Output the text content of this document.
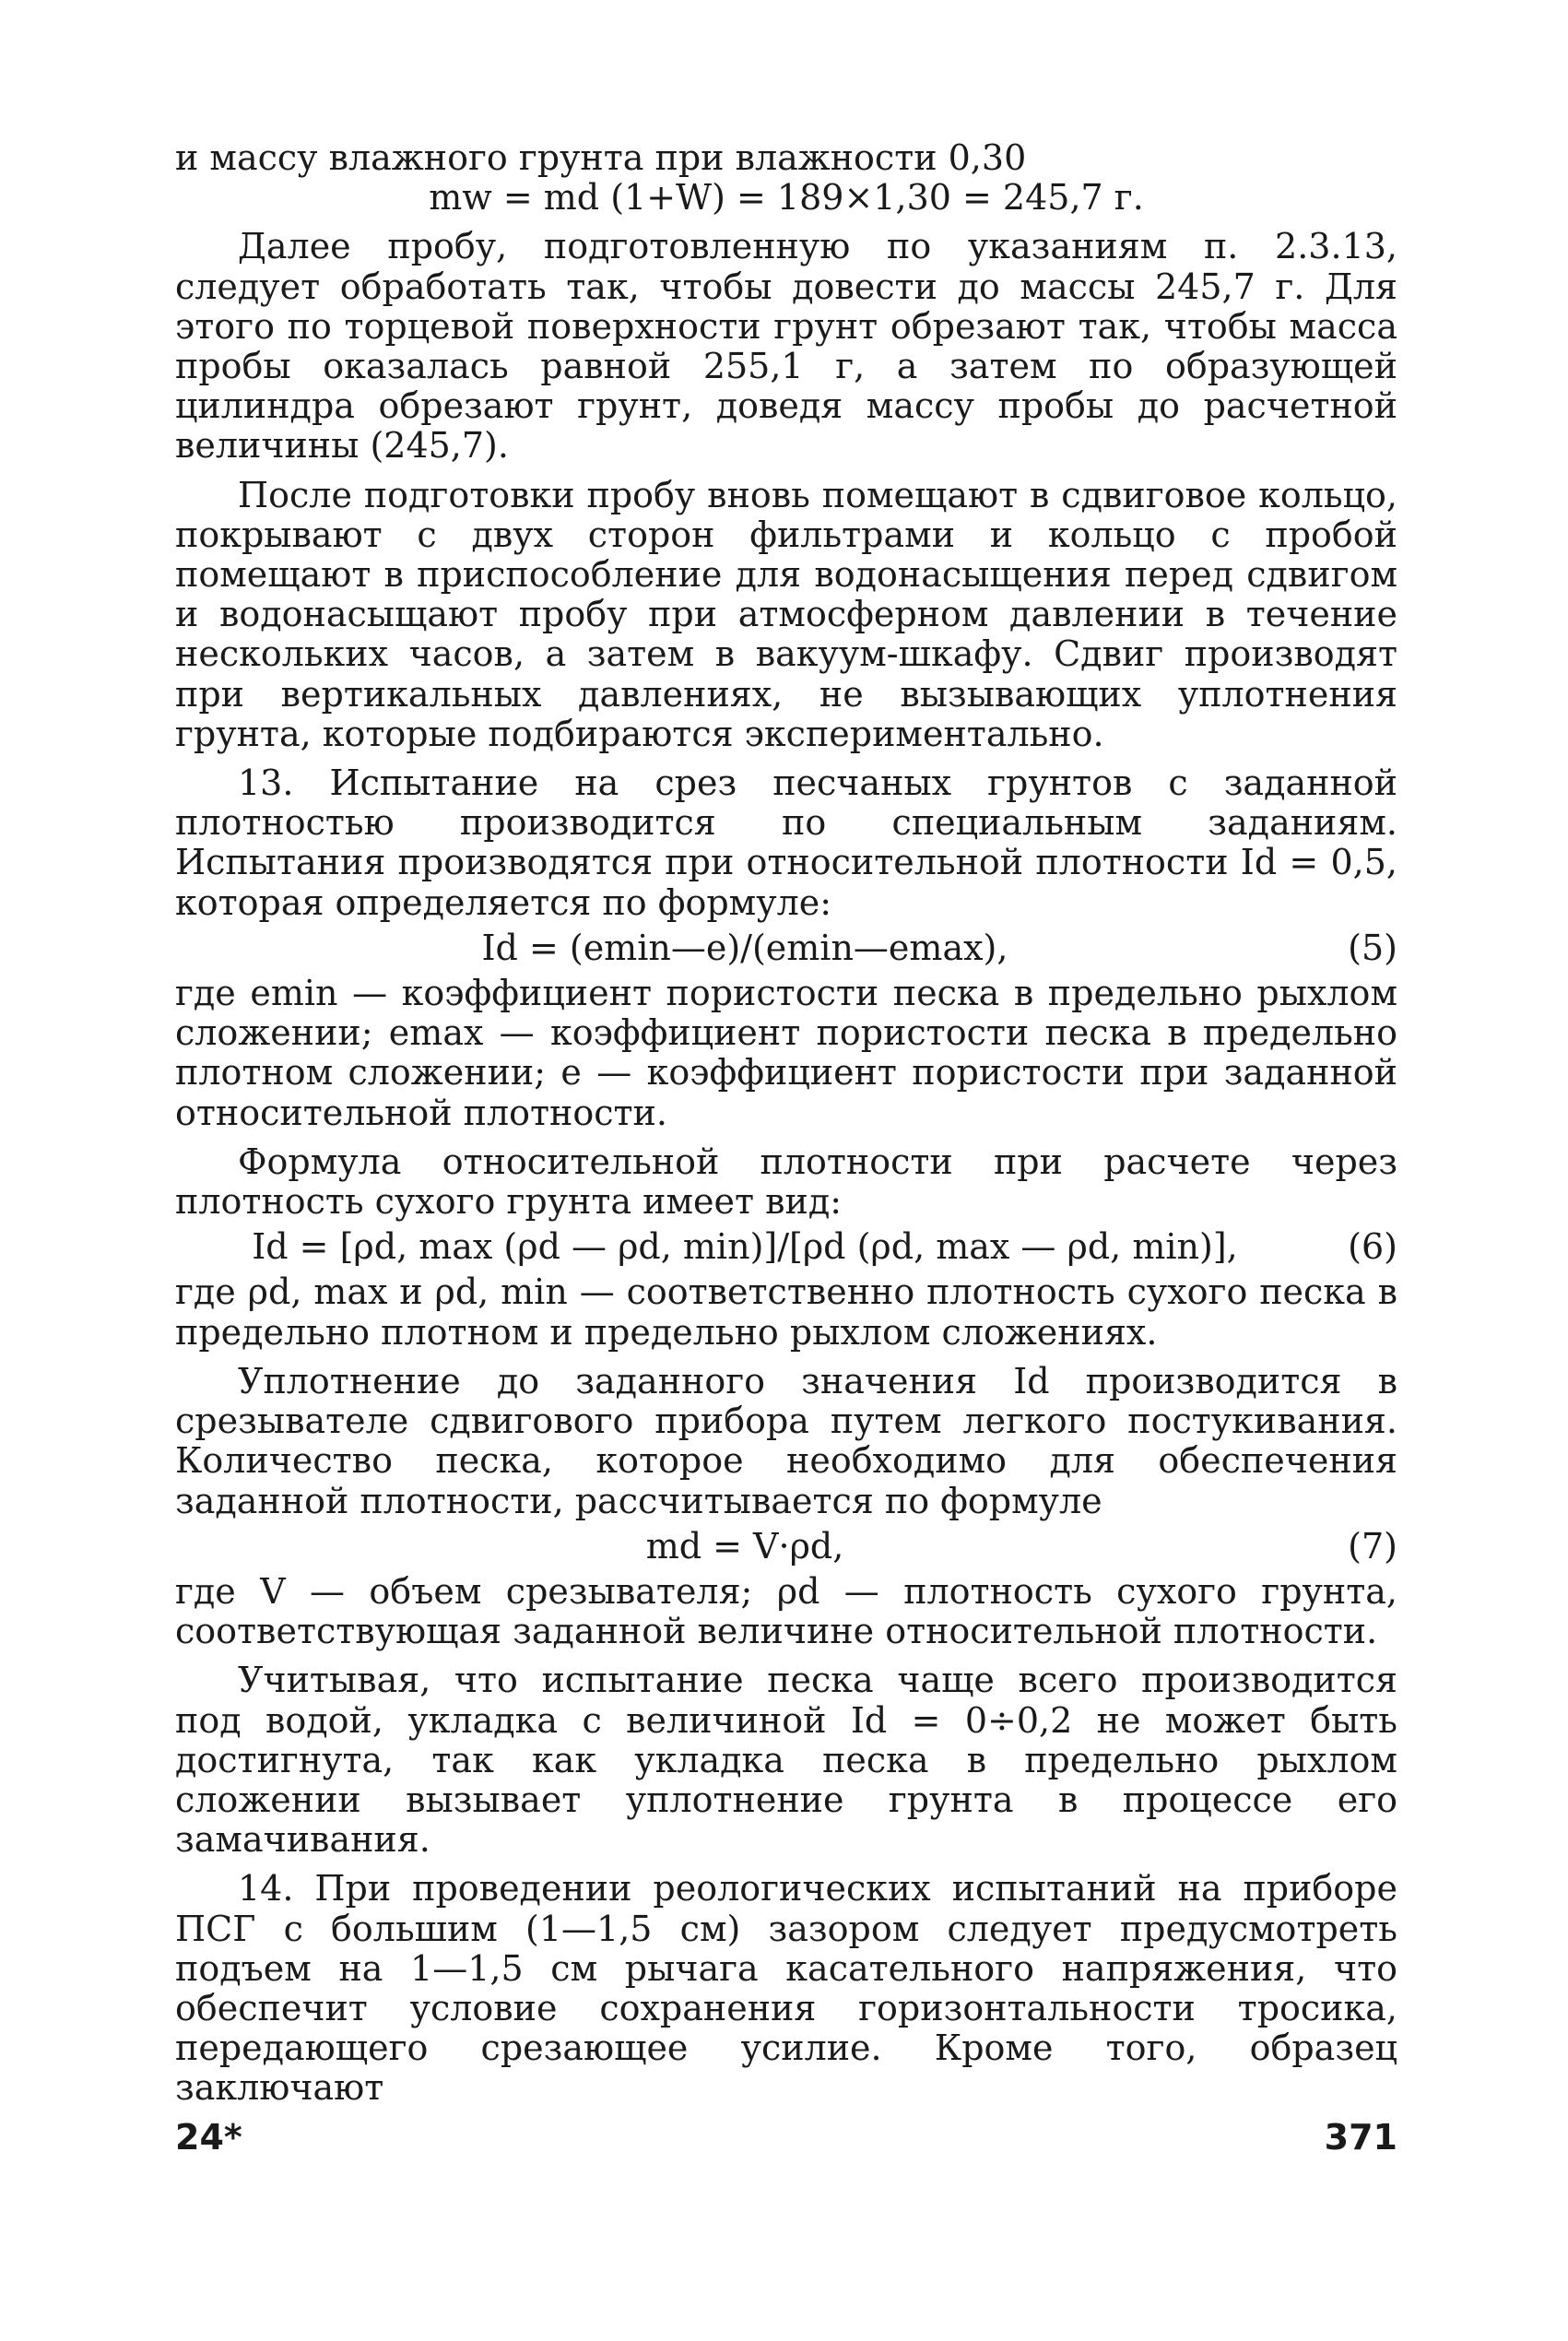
и массу влажного грунта при влажности 0,30

mw = md (1+W) = 189×1,30 = 245,7 г.

Далее пробу, подготовленную по указаниям п. 2.3.13, следует обработать так, чтобы довести до массы 245,7 г. Для этого по торцевой поверхности грунт обрезают так, чтобы масса пробы оказалась равной 255,1 г, а затем по образующей цилиндра обрезают грунт, доведя массу пробы до расчетной величины (245,7).

После подготовки пробу вновь помещают в сдвиговое кольцо, покрывают с двух сторон фильтрами и кольцо с пробой помещают в приспособление для водонасыщения перед сдвигом и водонасыщают пробу при атмосферном давлении в течение нескольких часов, а затем в вакуум-шкафу. Сдвиг производят при вертикальных давлениях, не вызывающих уплотнения грунта, которые подбираются экспериментально.

13. Испытание на срез песчаных грунтов с заданной плотностью производится по специальным заданиям. Испытания производятся при относительной плотности Id = 0,5, которая определяется по формуле:

Id = (emin—e)/(emin—emax),	(5)

где emin — коэффициент пористости песка в предельно рыхлом сложении; emax — коэффициент пористости песка в предельно плотном сложении; e — коэффициент пористости при заданной относительной плотности.

Формула относительной плотности при расчете через плотность сухого грунта имеет вид:

Id = [ρd, max (ρd — ρd, min)]/[ρd (ρd, max — ρd, min)],	(6)

где ρd, max и ρd, min — соответственно плотность сухого песка в предельно плотном и предельно рыхлом сложениях.

Уплотнение до заданного значения Id производится в срезывателе сдвигового прибора путем легкого постукивания. Количество песка, которое необходимо для обеспечения заданной плотности, рассчитывается по формуле

md = V·ρd,	(7)

где V — объем срезывателя; ρd — плотность сухого грунта, соответствующая заданной величине относительной плотности.

Учитывая, что испытание песка чаще всего производится под водой, укладка с величиной Id = 0÷0,2 не может быть достигнута, так как укладка песка в предельно рыхлом сложении вызывает уплотнение грунта в процессе его замачивания.

14. При проведении реологических испытаний на приборе ПСГ с большим (1—1,5 см) зазором следует предусмотреть подъем на 1—1,5 см рычага касательного напряжения, что обеспечит условие сохранения горизонтальности тросика, передающего срезающее усилие. Кроме того, образец заключают

24*	371
